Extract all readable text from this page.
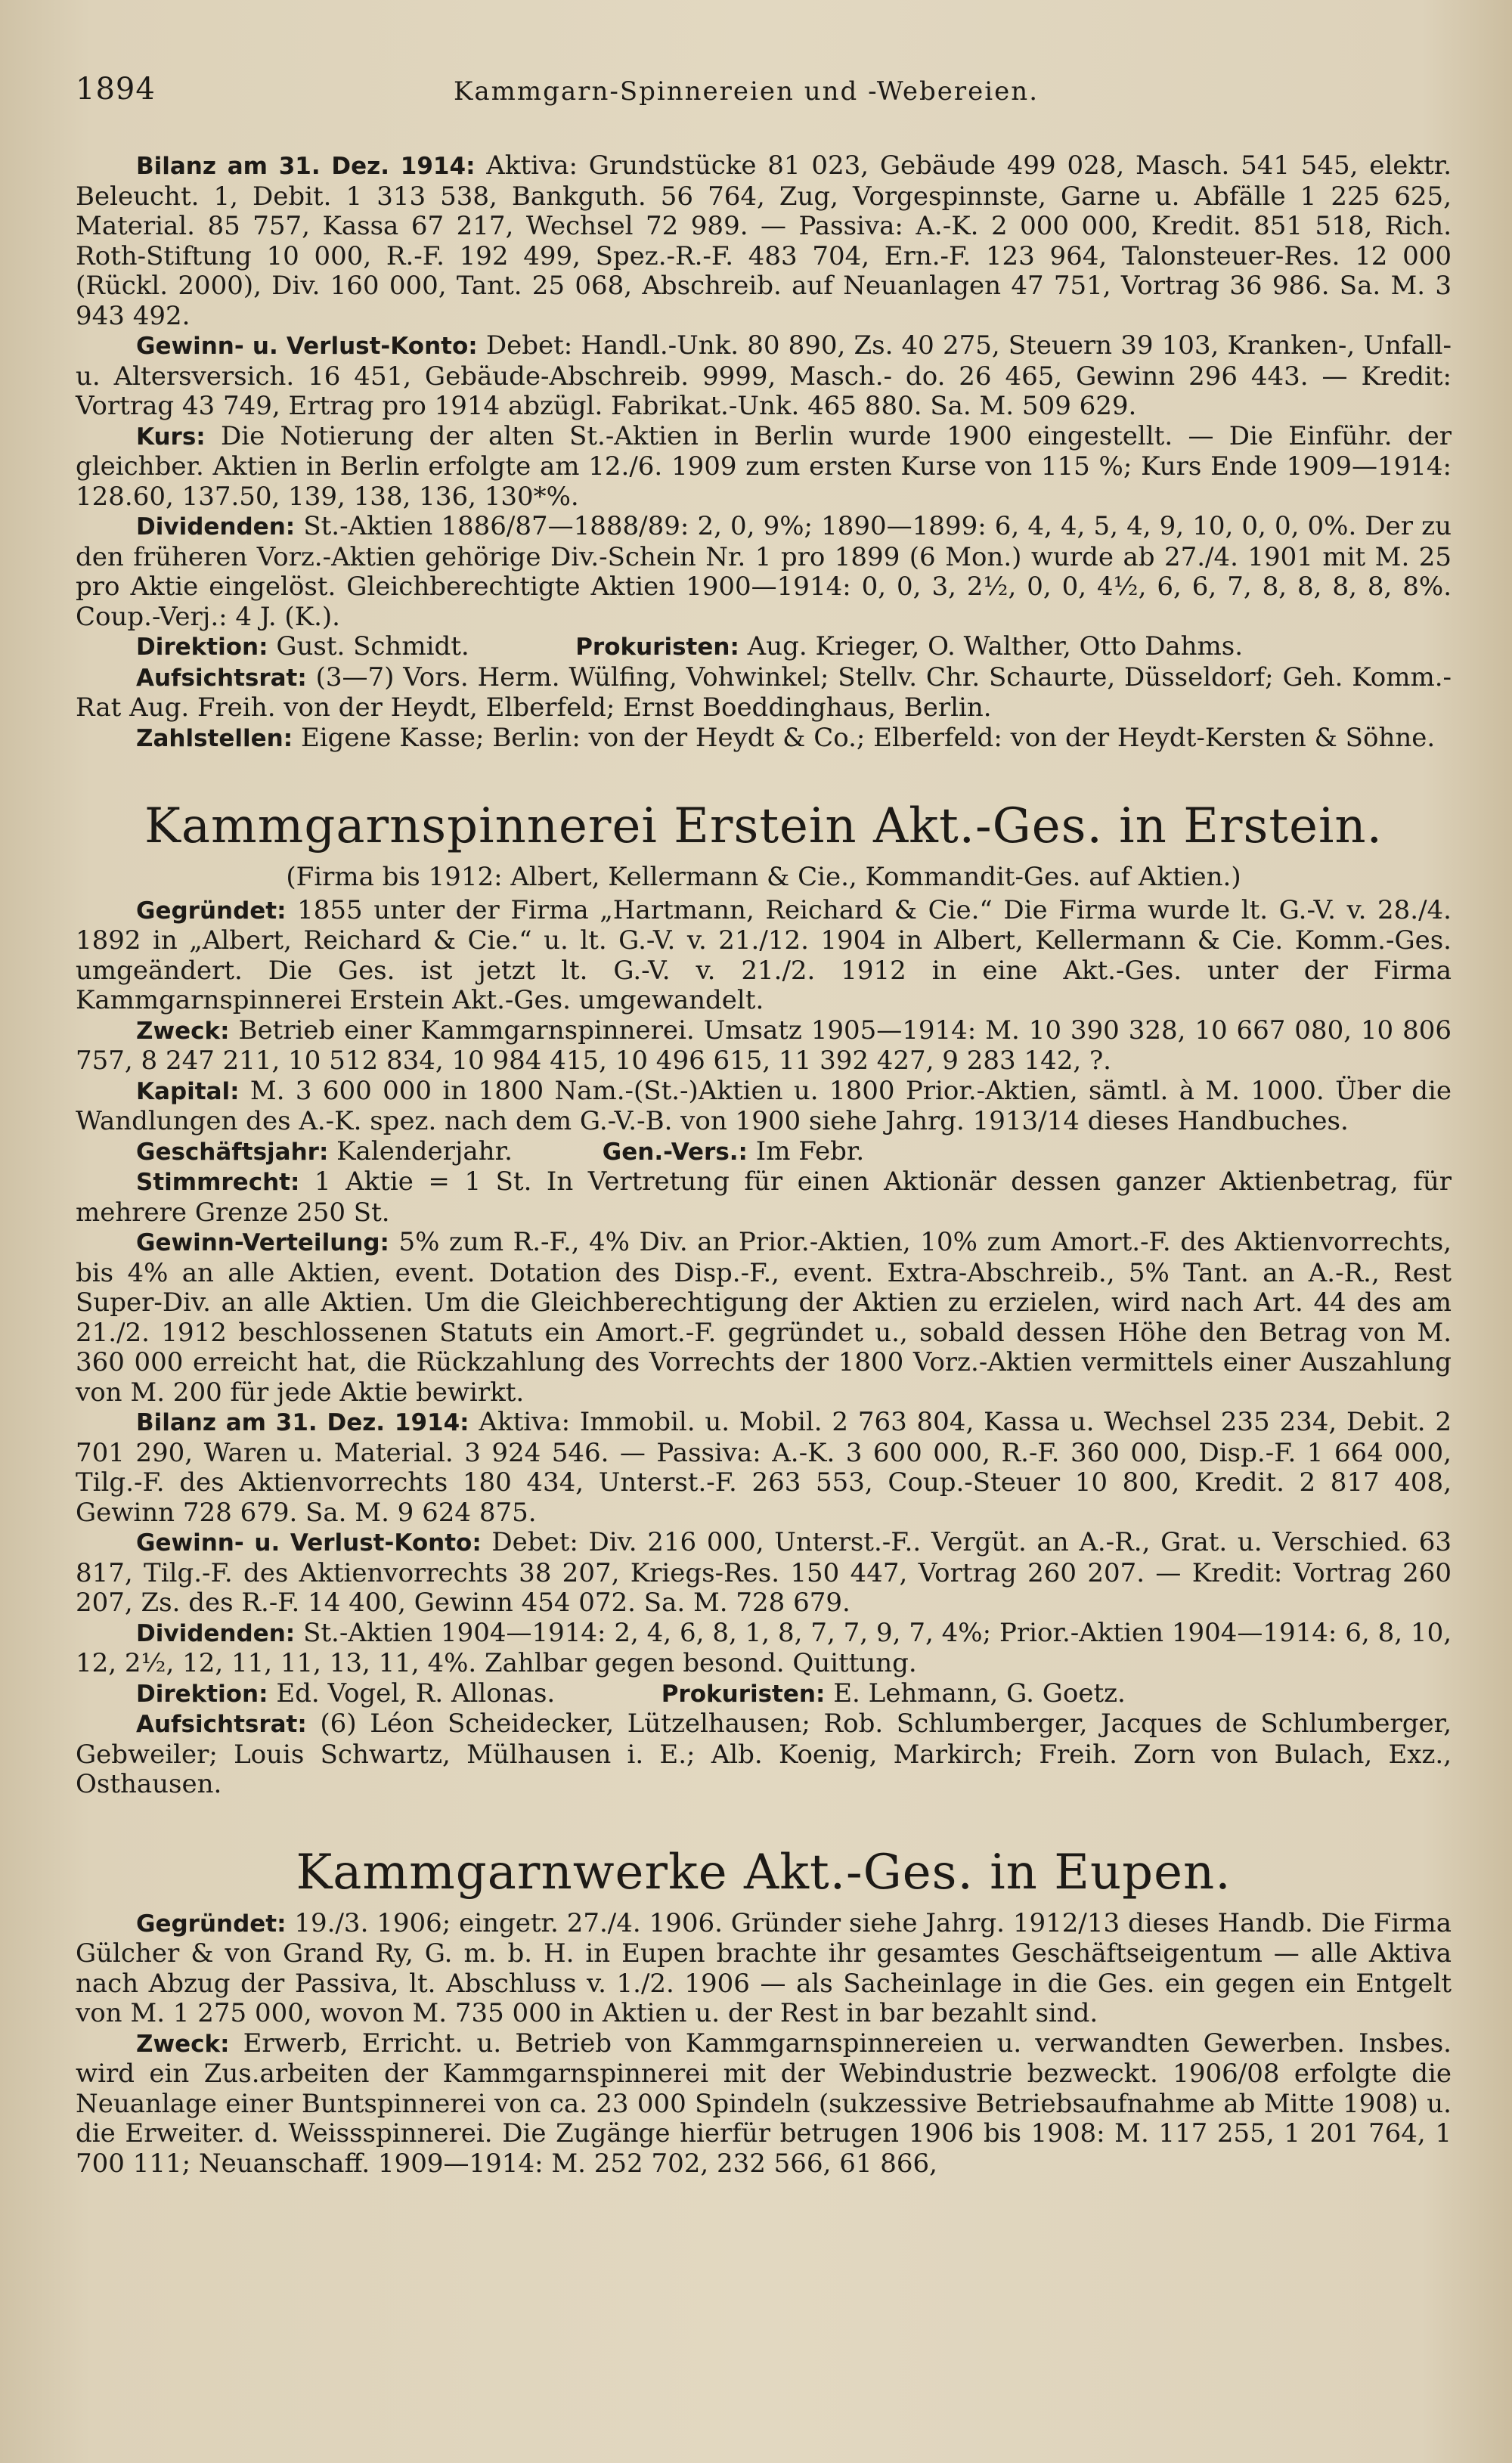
1894	Kammgarn-Spinnereien und -Webereien.

Bilanz am 31. Dez. 1914: Aktiva: Grundstücke 81 023, Gebäude 499 028, Masch. 541 545, elektr. Beleucht. 1, Debit. 1 313 538, Bankguth. 56 764, Zug, Vorgespinnste, Garne u. Abfälle 1 225 625, Material. 85 757, Kassa 67 217, Wechsel 72 989. — Passiva: A.-K. 2 000 000, Kredit. 851 518, Rich. Roth-Stiftung 10 000, R.-F. 192 499, Spez.-R.-F. 483 704, Ern.-F. 123 964, Talonsteuer-Res. 12 000 (Rückl. 2000), Div. 160 000, Tant. 25 068, Abschreib. auf Neuanlagen 47 751, Vortrag 36 986. Sa. M. 3 943 492.

Gewinn- u. Verlust-Konto: Debet: Handl.-Unk. 80 890, Zs. 40 275, Steuern 39 103, Kranken-, Unfall- u. Altersversich. 16 451, Gebäude-Abschreib. 9999, Masch.- do. 26 465, Gewinn 296 443. — Kredit: Vortrag 43 749, Ertrag pro 1914 abzügl. Fabrikat.-Unk. 465 880. Sa. M. 509 629.

Kurs: Die Notierung der alten St.-Aktien in Berlin wurde 1900 eingestellt. — Die Einführ. der gleichber. Aktien in Berlin erfolgte am 12./6. 1909 zum ersten Kurse von 115 %; Kurs Ende 1909—1914: 128.60, 137.50, 139, 138, 136, 130*%.

Dividenden: St.-Aktien 1886/87—1888/89: 2, 0, 9%; 1890—1899: 6, 4, 4, 5, 4, 9, 10, 0, 0, 0%. Der zu den früheren Vorz.-Aktien gehörige Div.-Schein Nr. 1 pro 1899 (6 Mon.) wurde ab 27./4. 1901 mit M. 25 pro Aktie eingelöst. Gleichberechtigte Aktien 1900—1914: 0, 0, 3, 2½, 0, 0, 4½, 6, 6, 7, 8, 8, 8, 8, 8%. Coup.-Verj.: 4 J. (K.).

Direktion: Gust. Schmidt.	Prokuristen: Aug. Krieger, O. Walther, Otto Dahms.

Aufsichtsrat: (3—7) Vors. Herm. Wülfing, Vohwinkel; Stellv. Chr. Schaurte, Düsseldorf; Geh. Komm.-Rat Aug. Freih. von der Heydt, Elberfeld; Ernst Boeddinghaus, Berlin.

Zahlstellen: Eigene Kasse; Berlin: von der Heydt & Co.; Elberfeld: von der Heydt-Kersten & Söhne.

Kammgarnspinnerei Erstein Akt.-Ges. in Erstein.

(Firma bis 1912: Albert, Kellermann & Cie., Kommandit-Ges. auf Aktien.)

Gegründet: 1855 unter der Firma „Hartmann, Reichard & Cie.“ Die Firma wurde lt. G.-V. v. 28./4. 1892 in „Albert, Reichard & Cie.“ u. lt. G.-V. v. 21./12. 1904 in Albert, Kellermann & Cie. Komm.-Ges. umgeändert. Die Ges. ist jetzt lt. G.-V. v. 21./2. 1912 in eine Akt.-Ges. unter der Firma Kammgarnspinnerei Erstein Akt.-Ges. umgewandelt.

Zweck: Betrieb einer Kammgarnspinnerei. Umsatz 1905—1914: M. 10 390 328, 10 667 080, 10 806 757, 8 247 211, 10 512 834, 10 984 415, 10 496 615, 11 392 427, 9 283 142, ?.

Kapital: M. 3 600 000 in 1800 Nam.-(St.-)Aktien u. 1800 Prior.-Aktien, sämtl. à M. 1000. Über die Wandlungen des A.-K. spez. nach dem G.-V.-B. von 1900 siehe Jahrg. 1913/14 dieses Handbuches.

Geschäftsjahr: Kalenderjahr.	Gen.-Vers.: Im Febr.

Stimmrecht: 1 Aktie = 1 St. In Vertretung für einen Aktionär dessen ganzer Aktienbetrag, für mehrere Grenze 250 St.

Gewinn-Verteilung: 5% zum R.-F., 4% Div. an Prior.-Aktien, 10% zum Amort.-F. des Aktienvorrechts, bis 4% an alle Aktien, event. Dotation des Disp.-F., event. Extra-Abschreib., 5% Tant. an A.-R., Rest Super-Div. an alle Aktien. Um die Gleichberechtigung der Aktien zu erzielen, wird nach Art. 44 des am 21./2. 1912 beschlossenen Statuts ein Amort.-F. gegründet u., sobald dessen Höhe den Betrag von M. 360 000 erreicht hat, die Rückzahlung des Vorrechts der 1800 Vorz.-Aktien vermittels einer Auszahlung von M. 200 für jede Aktie bewirkt.

Bilanz am 31. Dez. 1914: Aktiva: Immobil. u. Mobil. 2 763 804, Kassa u. Wechsel 235 234, Debit. 2 701 290, Waren u. Material. 3 924 546. — Passiva: A.-K. 3 600 000, R.-F. 360 000, Disp.-F. 1 664 000, Tilg.-F. des Aktienvorrechts 180 434, Unterst.-F. 263 553, Coup.-Steuer 10 800, Kredit. 2 817 408, Gewinn 728 679. Sa. M. 9 624 875.

Gewinn- u. Verlust-Konto: Debet: Div. 216 000, Unterst.-F.. Vergüt. an A.-R., Grat. u. Verschied. 63 817, Tilg.-F. des Aktienvorrechts 38 207, Kriegs-Res. 150 447, Vortrag 260 207. — Kredit: Vortrag 260 207, Zs. des R.-F. 14 400, Gewinn 454 072. Sa. M. 728 679.

Dividenden: St.-Aktien 1904—1914: 2, 4, 6, 8, 1, 8, 7, 7, 9, 7, 4%; Prior.-Aktien 1904—1914: 6, 8, 10, 12, 2½, 12, 11, 11, 13, 11, 4%. Zahlbar gegen besond. Quittung.

Direktion: Ed. Vogel, R. Allonas.	Prokuristen: E. Lehmann, G. Goetz.

Aufsichtsrat: (6) Léon Scheidecker, Lützelhausen; Rob. Schlumberger, Jacques de Schlumberger, Gebweiler; Louis Schwartz, Mülhausen i. E.; Alb. Koenig, Markirch; Freih. Zorn von Bulach, Exz., Osthausen.

Kammgarnwerke Akt.-Ges. in Eupen.

Gegründet: 19./3. 1906; eingetr. 27./4. 1906. Gründer siehe Jahrg. 1912/13 dieses Handb. Die Firma Gülcher & von Grand Ry, G. m. b. H. in Eupen brachte ihr gesamtes Geschäftseigentum — alle Aktiva nach Abzug der Passiva, lt. Abschluss v. 1./2. 1906 — als Sacheinlage in die Ges. ein gegen ein Entgelt von M. 1 275 000, wovon M. 735 000 in Aktien u. der Rest in bar bezahlt sind.

Zweck: Erwerb, Erricht. u. Betrieb von Kammgarnspinnereien u. verwandten Gewerben. Insbes. wird ein Zus.arbeiten der Kammgarnspinnerei mit der Webindustrie bezweckt. 1906/08 erfolgte die Neuanlage einer Buntspinnerei von ca. 23 000 Spindeln (sukzessive Betriebsaufnahme ab Mitte 1908) u. die Erweiter. d. Weissspinnerei. Die Zugänge hierfür betrugen 1906 bis 1908: M. 117 255, 1 201 764, 1 700 111; Neuanschaff. 1909—1914: M. 252 702, 232 566, 61 866,
